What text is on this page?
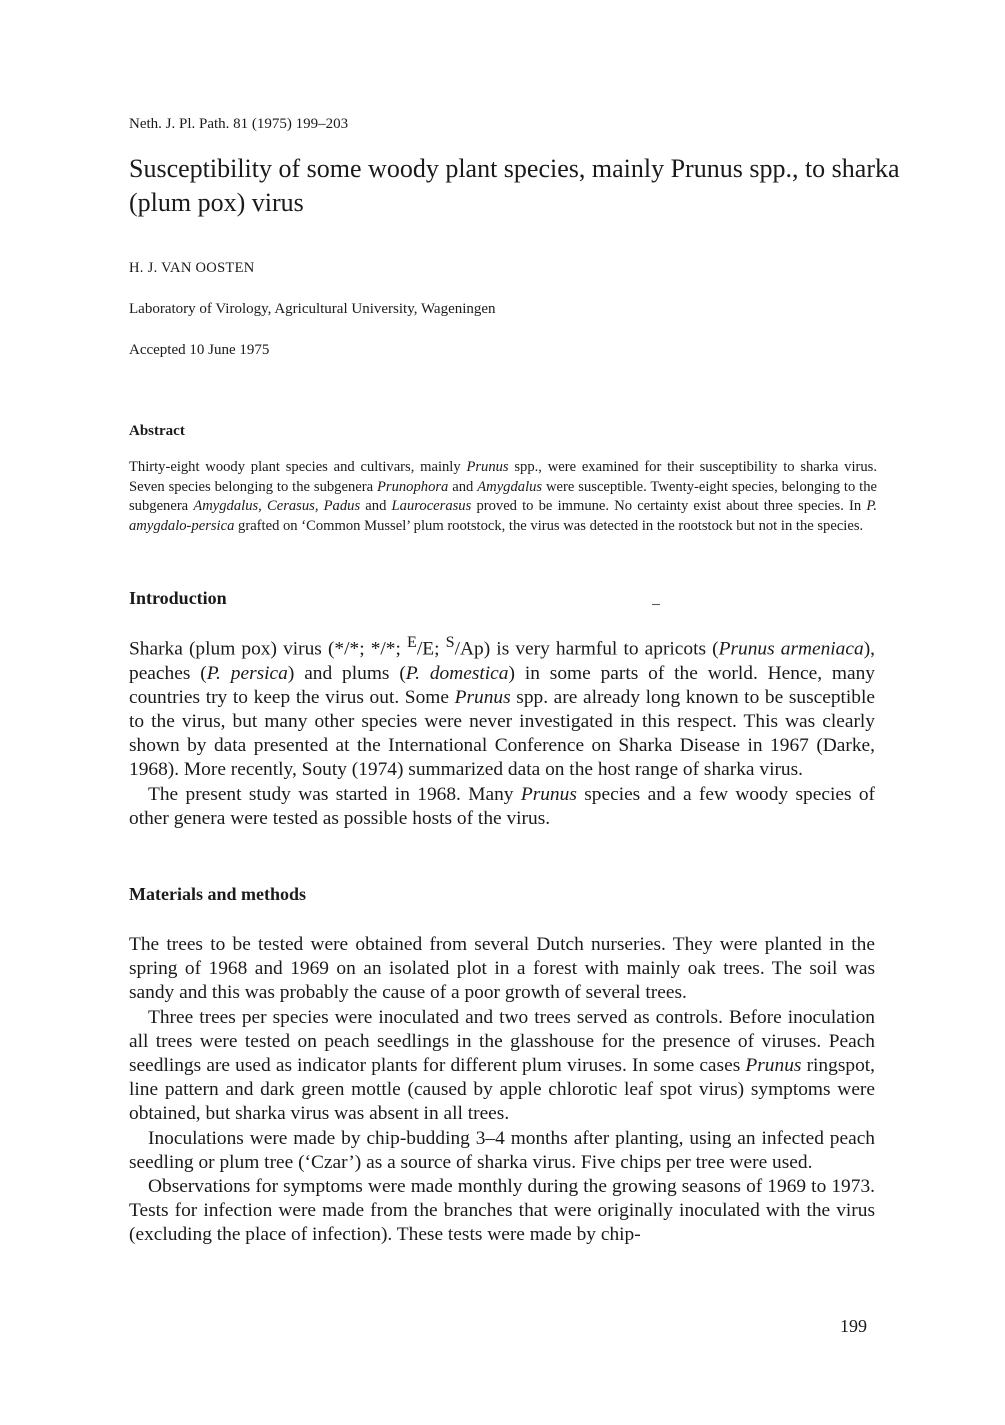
Neth. J. Pl. Path. 81 (1975) 199–203
Susceptibility of some woody plant species, mainly Prunus spp., to sharka (plum pox) virus
H. J. VAN OOSTEN
Laboratory of Virology, Agricultural University, Wageningen
Accepted 10 June 1975
Abstract

Thirty-eight woody plant species and cultivars, mainly Prunus spp., were examined for their susceptibility to sharka virus. Seven species belonging to the subgenera Prunophora and Amygdalus were susceptible. Twenty-eight species, belonging to the subgenera Amygdalus, Cerasus, Padus and Laurocerasus proved to be immune. No certainty exist about three species. In P. amygdalo-persica grafted on ‘Common Mussel’ plum rootstock, the virus was detected in the rootstock but not in the species.

Introduction

Sharka (plum pox) virus (*/*; */*; $^E$/E; $^S$/Ap) is very harmful to apricots (Prunus armeniaca), peaches (P. persica) and plums (P. domestica) in some parts of the world. Hence, many countries try to keep the virus out. Some Prunus spp. are already long known to be susceptible to the virus, but many other species were never investigated in this respect. This was clearly shown by data presented at the International Conference on Sharka Disease in 1967 (Darke, 1968). More recently, Souty (1974) summarized data on the host range of sharka virus.

The present study was started in 1968. Many Prunus species and a few woody species of other genera were tested as possible hosts of the virus.

Materials and methods

The trees to be tested were obtained from several Dutch nurseries. They were planted in the spring of 1968 and 1969 on an isolated plot in a forest with mainly oak trees. The soil was sandy and this was probably the cause of a poor growth of several trees.

Three trees per species were inoculated and two trees served as controls. Before inoculation all trees were tested on peach seedlings in the glasshouse for the presence of viruses. Peach seedlings are used as indicator plants for different plum viruses. In some cases Prunus ringspot, line pattern and dark green mottle (caused by apple chlorotic leaf spot virus) symptoms were obtained, but sharka virus was absent in all trees.

Inoculations were made by chip-budding 3–4 months after planting, using an infected peach seedling or plum tree (‘Czar’) as a source of sharka virus. Five chips per tree were used.

Observations for symptoms were made monthly during the growing seasons of 1969 to 1973. Tests for infection were made from the branches that were originally inoculated with the virus (excluding the place of infection). These tests were made by chip-

199
